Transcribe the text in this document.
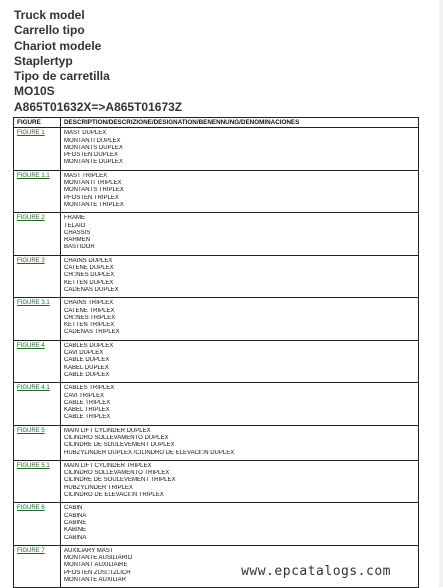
Truck model
Carrello tipo
Chariot modele
Staplertyp
Tipo de carretilla
MO10S
A865T01632X=>A865T01673Z
FIGURE	DESCRIPTION/DESCRIZIONE/DESIGNATION/BENENNUNG/DENOMINACIONES
FIGURE 1	MAST DUPLEX
MONTANTI DUPLEX
MONTANTS DUPLEX
PFOSTEN DUPLEX
MONTANTE DUPLEX

FIGURE 1.1	MAST TRIPLEX
MONTANTI TRIPLEX
MONTANTS TRIPLEX
PFOSTEN TRIPLEX
MONTANTE TRIPLEX

FIGURE 2	FRAME
TELAIO
CHASSIS
RAHMEN
BASTIDOR

FIGURE 3	CHAINS DUPLEX
CATENE DUPLEX
CH□NES DUPLEX
KETTEN DUPLEX
CADENAS DUPLEX

FIGURE 3.1	CHAINS TRIPLEX
CATENE TRIPLEX
CH□NES TRIPLEX
KETTEN TRIPLEX
CADENAS TRIPLEX

FIGURE 4	CABLES DUPLEX
CAVI DUPLEX
CABLE DUPLEX
KABEL DUPLEX
CABLE DUPLEX

FIGURE 4.1	CABLES TRIPLEX
CAVI TRIPLEX
CABLE TRIPLEX
KABEL TRIPLEX
CABLE TRIPLEX

FIGURE 5	MAIN LIFT CYLINDER DUPLEX
CILINDRO SOLLEVAMENTO DUPLEX
CILINDRE DE SOULEVEMENT DUPLEX
HUBZYLINDER DUPLEX /CILINDRO DE ELEVACI□N DUPLEX

FIGURE 5.1	MAIN LIFT CYLINDER TRIPLEX
CILINDRO SOLLEVAMENTO TRIPLEX
CILINDRE DE SOULEVEMENT TRIPLEX
HUBZYLINDER TRIPLEX
CILINDRO DE ELEVACI□N TRIPLEX

FIGURE 6	CABIN
CABINA
CABINE
KABINE
CABINA

FIGURE 7	AUXILIARY MAST
MONTANTE AUSILIARIO
MONTANT AUXILIAIRE
PFOSTEN ZUS□TZLICH
MONTANTE AUXILIAR
www.epcatalogs.com
